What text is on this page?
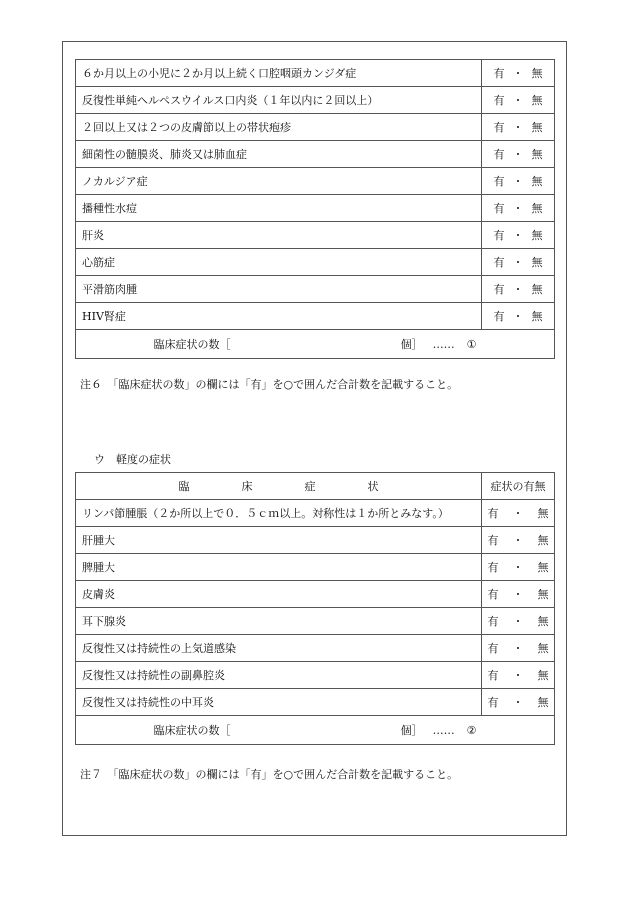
６か月以上の小児に２か月以上続く口腔咽頭カンジダ症	有 ・ 無
反復性単純ヘルペスウイルス口内炎（１年以内に２回以上）	有 ・ 無
２回以上又は２つの皮膚節以上の帯状疱疹	有 ・ 無
細菌性の髄膜炎、肺炎又は肺血症	有 ・ 無
ノカルジア症	有 ・ 無
播種性水痘	有 ・ 無
肝炎	有 ・ 無
心筋症	有 ・ 無
平滑筋肉腫	有 ・ 無
HIV腎症	有 ・ 無

臨床症状の数［ 個］ …… ①	
注６　「臨床症状の数」の欄には「有」を○で囲んだ合計数を記載すること。
ウ　軽度の症状
臨 床 症 状	症状の有無
リンパ節腫脹（２か所以上で０．５ｃｍ以上。対称性は１か所とみなす。）	有 ・ 無
肝腫大	有 ・ 無
脾腫大	有 ・ 無
皮膚炎	有 ・ 無
耳下腺炎	有 ・ 無
反復性又は持続性の上気道感染	有 ・ 無
反復性又は持続性の副鼻腔炎	有 ・ 無
反復性又は持続性の中耳炎	有 ・ 無

臨床症状の数［ 個］ …… ②	
注７　「臨床症状の数」の欄には「有」を○で囲んだ合計数を記載すること。
